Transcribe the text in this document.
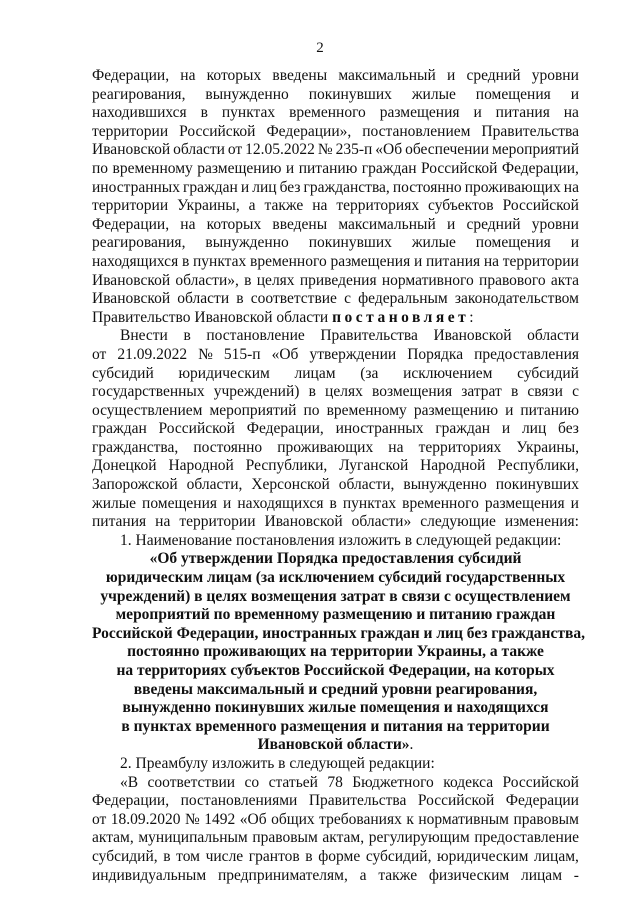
2
Федерации, на которых введены максимальный и средний уровни
реагирования, вынужденно покинувших жилые помещения и
находившихся в пунктах временного размещения и питания на
территории Российской Федерации», постановлением Правительства
Ивановской области от 12.05.2022 № 235-п «Об обеспечении мероприятий
по временному размещению и питанию граждан Российской Федерации,
иностранных граждан и лиц без гражданства, постоянно проживающих на
территории Украины, а также на территориях субъектов Российской
Федерации, на которых введены максимальный и средний уровни
реагирования, вынужденно покинувших жилые помещения и
находящихся в пунктах временного размещения и питания на территории
Ивановской области», в целях приведения нормативного правового акта
Ивановской области в соответствие с федеральным законодательством
Правительство Ивановской области постановляет:
Внести в постановление Правительства Ивановской области
от 21.09.2022 № 515-п «Об утверждении Порядка предоставления
субсидий юридическим лицам (за исключением субсидий
государственных учреждений) в целях возмещения затрат в связи с
осуществлением мероприятий по временному размещению и питанию
граждан Российской Федерации, иностранных граждан и лиц без
гражданства, постоянно проживающих на территориях Украины,
Донецкой Народной Республики, Луганской Народной Республики,
Запорожской области, Херсонской области, вынужденно покинувших
жилые помещения и находящихся в пунктах временного размещения и
питания на территории Ивановской области» следующие изменения:
1. Наименование постановления изложить в следующей редакции:
«Об утверждении Порядка предоставления субсидий
юридическим лицам (за исключением субсидий государственных
учреждений) в целях возмещения затрат в связи с осуществлением
мероприятий по временному размещению и питанию граждан
Российской Федерации, иностранных граждан и лиц без гражданства,
постоянно проживающих на территории Украины, а также
на территориях субъектов Российской Федерации, на которых
введены максимальный и средний уровни реагирования,
вынужденно покинувших жилые помещения и находящихся
в пунктах временного размещения и питания на территории
Ивановской области».
2. Преамбулу изложить в следующей редакции:
«В соответствии со статьей 78 Бюджетного кодекса Российской
Федерации, постановлениями Правительства Российской Федерации
от 18.09.2020 № 1492 «Об общих требованиях к нормативным правовым
актам, муниципальным правовым актам, регулирующим предоставление
субсидий, в том числе грантов в форме субсидий, юридическим лицам,
индивидуальным предпринимателям, а также физическим лицам -
